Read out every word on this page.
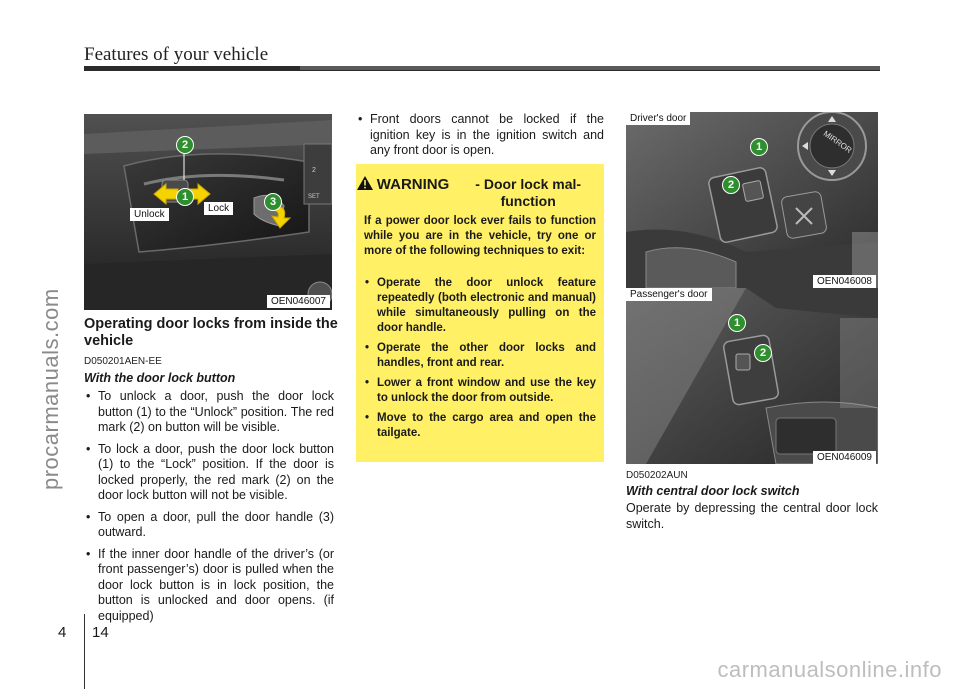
Features of your vehicle
procarmanuals.com
2
SET
1
2
3
Unlock
Lock
OEN046007
Operating door locks from inside the vehicle
D050201AEN-EE
With the door lock button
• To unlock a door, push the door lock button (1) to the “Unlock” position. The red mark (2) on button will be visible.
• To lock a door, push the door lock button (1) to the “Lock” position. If the door is locked properly, the red mark (2) on the door lock button will not be visible.
• To open a door, pull the door handle (3) outward.
• If the inner door handle of the driver’s (or front passenger’s) door is pulled when the door lock button is in lock position, the button is unlocked and door opens. (if equipped)
• Front doors cannot be locked if the ignition key is in the ignition switch and any front door is open.
WARNING - Door lock mal-function
If a power door lock ever fails to function while you are in the vehicle, try one or more of the following techniques to exit:
• Operate the door unlock feature repeatedly (both electronic and manual) while simultaneously pulling on the door handle.
• Operate the other door locks and handles, front and rear.
• Lower a front window and use the key to unlock the door from outside.
• Move to the cargo area and open the tailgate.
MIRROR
Driver's door
1
2
OEN046008
Passenger's door
1
2
OEN046009
D050202AUN
With central door lock switch
Operate by depressing the central door lock switch.
4 14
carmanualsonline.info
